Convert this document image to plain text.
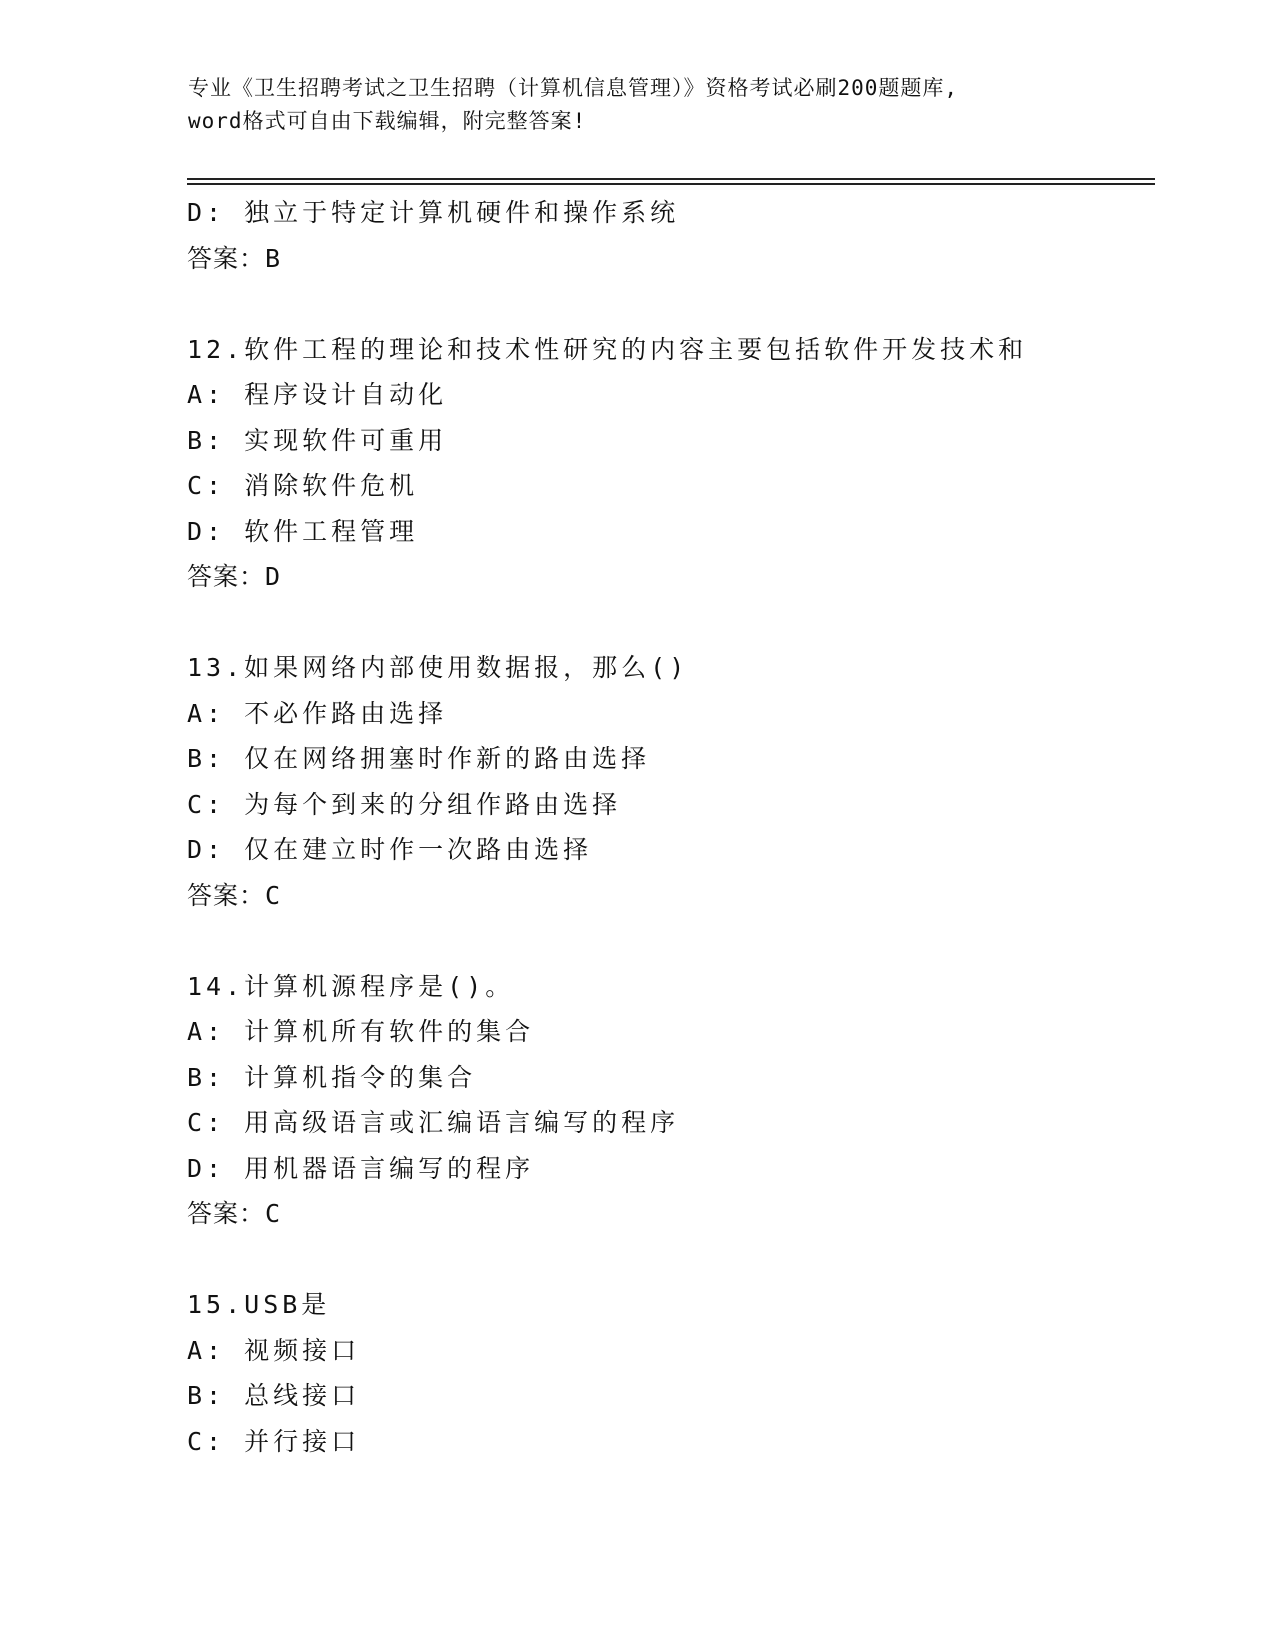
专业《卫生招聘考试之卫生招聘（计算机信息管理）》资格考试必刷200题题库,
word格式可自由下载编辑，附完整答案!
D: 独立于特定计算机硬件和操作系统
答案：B
12.软件工程的理论和技术性研究的内容主要包括软件开发技术和
A: 程序设计自动化
B: 实现软件可重用
C: 消除软件危机
D: 软件工程管理
答案：D
13.如果网络内部使用数据报，那么()
A: 不必作路由选择
B: 仅在网络拥塞时作新的路由选择
C: 为每个到来的分组作路由选择
D: 仅在建立时作一次路由选择
答案：C
14.计算机源程序是()。
A: 计算机所有软件的集合
B: 计算机指令的集合
C: 用高级语言或汇编语言编写的程序
D: 用机器语言编写的程序
答案：C
15.USB是
A: 视频接口
B: 总线接口
C: 并行接口
